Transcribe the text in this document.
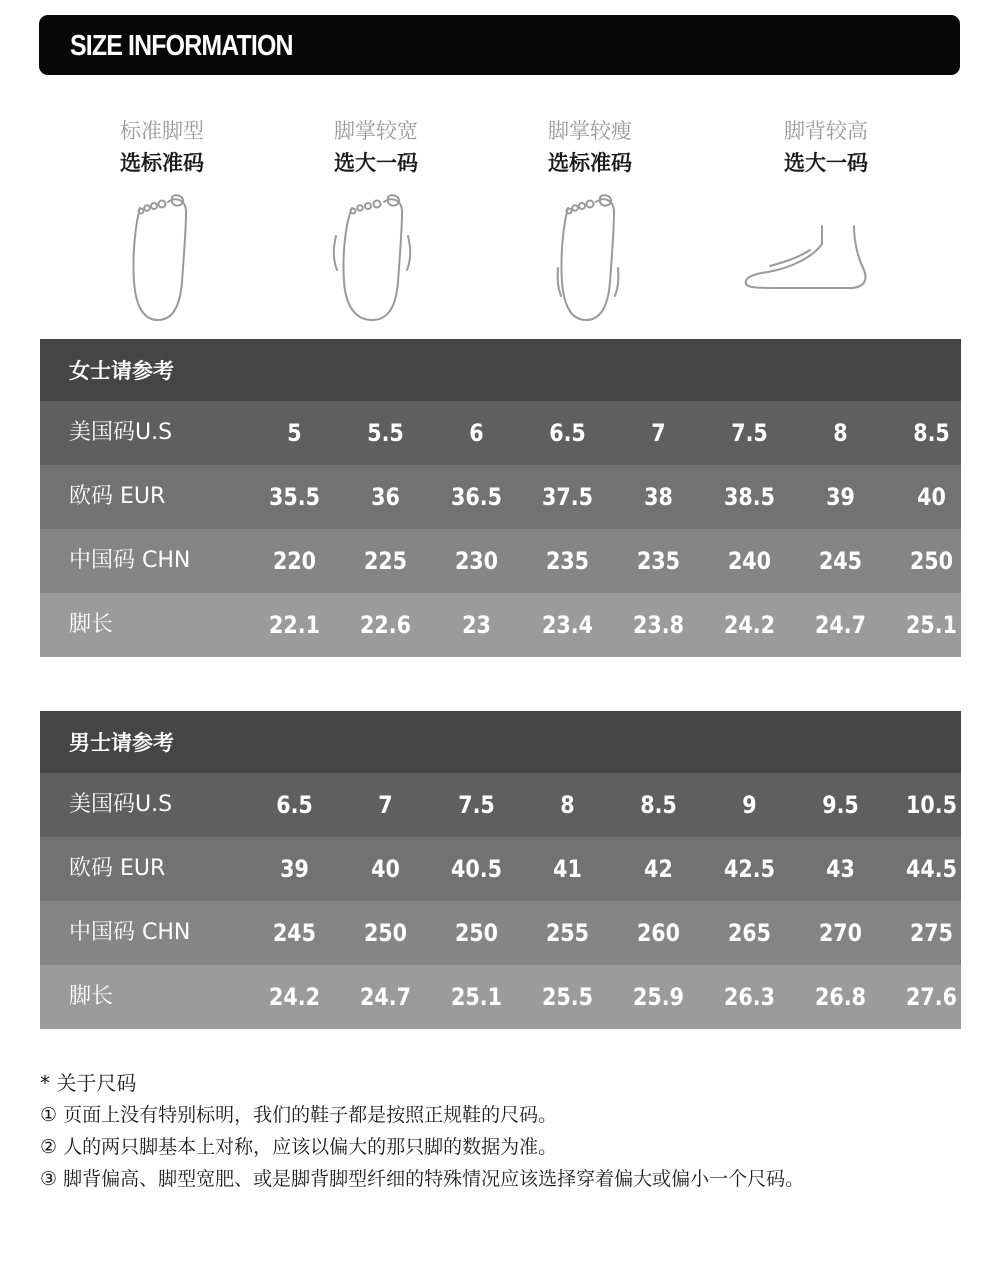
SIZE INFORMATION
标准脚型
选标准码
脚掌较宽
选大一码
脚掌较瘦
选标准码
脚背较高
选大一码
女士请参考
美国码U.S	5	5.5	6	6.5	7	7.5	8	8.5
欧码 EUR	35.5	36	36.5	37.5	38	38.5	39	40
中国码 CHN	220	225	230	235	235	240	245	250
脚长	22.1	22.6	23	23.4	23.8	24.2	24.7	25.1
男士请参考
美国码U.S	6.5	7	7.5	8	8.5	9	9.5	10.5
欧码 EUR	39	40	40.5	41	42	42.5	43	44.5
中国码 CHN	245	250	250	255	260	265	270	275
脚长	24.2	24.7	25.1	25.5	25.9	26.3	26.8	27.6
* 关于尺码
① 页面上没有特别标明，我们的鞋子都是按照正规鞋的尺码。
② 人的两只脚基本上对称，应该以偏大的那只脚的数据为准。
③ 脚背偏高、脚型宽肥、或是脚背脚型纤细的特殊情况应该选择穿着偏大或偏小一个尺码。
